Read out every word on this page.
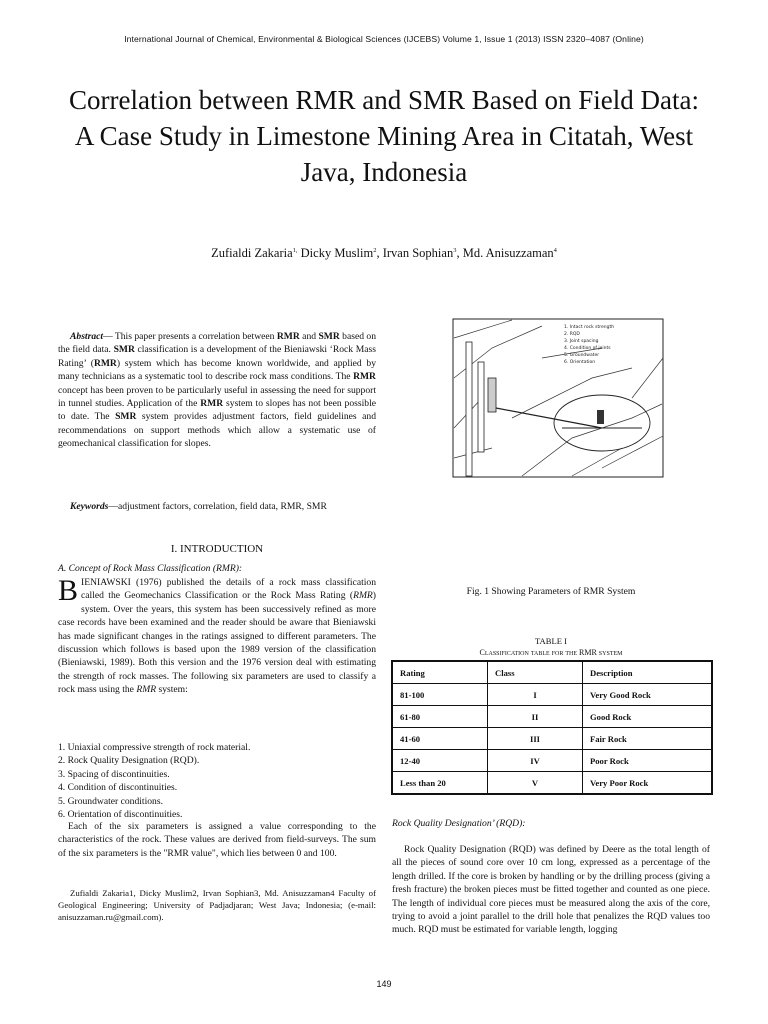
International Journal of Chemical, Environmental & Biological Sciences (IJCEBS) Volume 1, Issue 1 (2013) ISSN 2320–4087 (Online)
Correlation between RMR and SMR Based on Field Data: A Case Study in Limestone Mining Area in Citatah, West Java, Indonesia
Zufialdi Zakaria$^{1,}$ Dicky Muslim$^2$, Irvan Sophian$^3$, Md. Anisuzzaman$^4$
Abstract— This paper presents a correlation between RMR and SMR based on the field data. SMR classification is a development of the Bieniawski ‘Rock Mass Rating’ (RMR) system which has become known worldwide, and applied by many technicians as a systematic tool to describe rock mass conditions. The RMR concept has been proven to be particularly useful in assessing the need for support in tunnel studies. Application of the RMR system to slopes has not been possible to date. The SMR system provides adjustment factors, field guidelines and recommendations on support methods which allow a systematic use of geomechanical classification for slopes.
Keywords—adjustment factors, correlation, field data, RMR, SMR
I. INTRODUCTION
A. Concept of Rock Mass Classification (RMR):
BIENIAWSKI (1976) published the details of a rock mass classification called the Geomechanics Classification or the Rock Mass Rating (RMR) system. Over the years, this system has been successively refined as more case records have been examined and the reader should be aware that Bieniawski has made significant changes in the ratings assigned to different parameters. The discussion which follows is based upon the 1989 version of the classification (Bieniawski, 1989). Both this version and the 1976 version deal with estimating the strength of rock masses. The following six parameters are used to classify a rock mass using the RMR system:
1. Uniaxial compressive strength of rock material.
2. Rock Quality Designation (RQD).
3. Spacing of discontinuities.
4. Condition of discontinuities.
5. Groundwater conditions.
6. Orientation of discontinuities.
Each of the six parameters is assigned a value corresponding to the characteristics of the rock. These values are derived from field-surveys. The sum of the six parameters is the "RMR value", which lies between 0 and 100.
Zufialdi Zakaria1, Dicky Muslim2, Irvan Sophian3, Md. Anisuzzaman4 Faculty of Geological Engineering; University of Padjadjaran; West Java; Indonesia; (e-mail: anisuzzaman.ru@gmail.com).
1. Intact rock strength
2. RQD
3. Joint spacing
4. Condition of joints
5. Groundwater
6. Orientation
Fig. 1 Showing Parameters of RMR System
TABLE I
Classification table for the RMR system
Rating	Class	Description
81-100	I	Very Good Rock
61-80	II	Good Rock
41-60	III	Fair Rock
12-40	IV	Poor Rock
Less than 20	V	Very Poor Rock
Rock Quality Designation’ (RQD):
Rock Quality Designation (RQD) was defined by Deere as the total length of all the pieces of sound core over 10 cm long, expressed as a percentage of the length drilled. If the core is broken by handling or by the drilling process (giving a fresh fracture) the broken pieces must be fitted together and counted as one piece. The length of individual core pieces must be measured along the axis of the core, trying to avoid a joint parallel to the drill hole that penalizes the RQD values too much. RQD must be estimated for variable length, logging
149
